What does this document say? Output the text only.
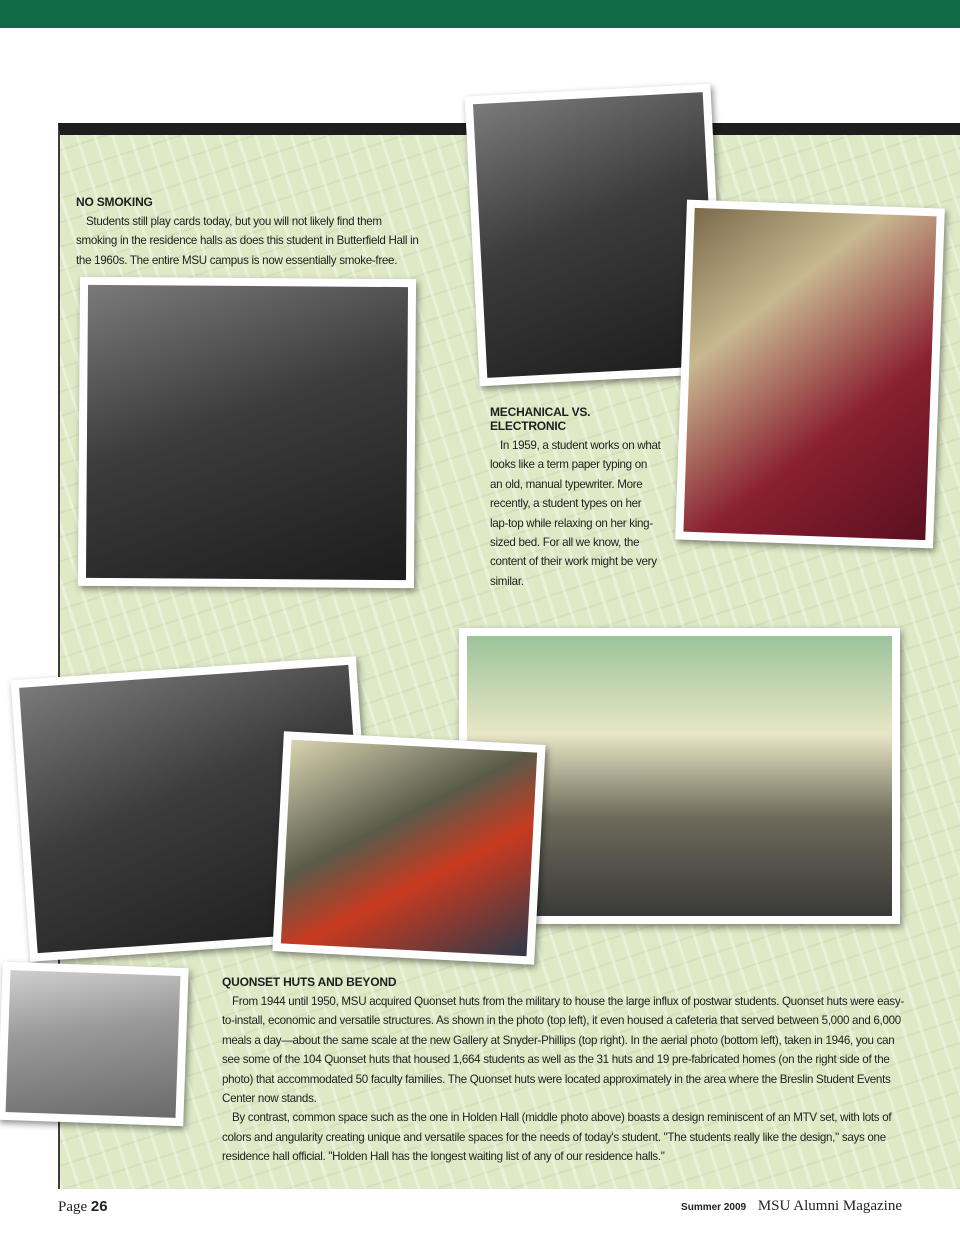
NO SMOKING

Students still play cards today, but you will not likely find them smoking in the residence halls as does this student in Butterfield Hall in the 1960s. The entire MSU campus is now essentially smoke-free.

MECHANICAL VS. ELECTRONIC

In 1959, a student works on what looks like a term paper typing on an old, manual typewriter. More recently, a student types on her lap-top while relaxing on her king-sized bed. For all we know, the content of their work might be very similar.

QUONSET HUTS AND BEYOND

From 1944 until 1950, MSU acquired Quonset huts from the military to house the large influx of postwar students. Quonset huts were easy-to-install, economic and versatile structures. As shown in the photo (top left), it even housed a cafeteria that served between 5,000 and 6,000 meals a day—about the same scale at the new Gallery at Snyder-Phillips (top right). In the aerial photo (bottom left), taken in 1946, you can see some of the 104 Quonset huts that housed 1,664 students as well as the 31 huts and 19 pre-fabricated homes (on the right side of the photo) that accommodated 50 faculty families. The Quonset huts were located approximately in the area where the Breslin Student Events Center now stands.

By contrast, common space such as the one in Holden Hall (middle photo above) boasts a design reminiscent of an MTV set, with lots of colors and angularity creating unique and versatile spaces for the needs of today's student. "The students really like the design," says one residence hall official. "Holden Hall has the longest waiting list of any of our residence halls."

Page 26	Summer 2009 MSU Alumni Magazine
